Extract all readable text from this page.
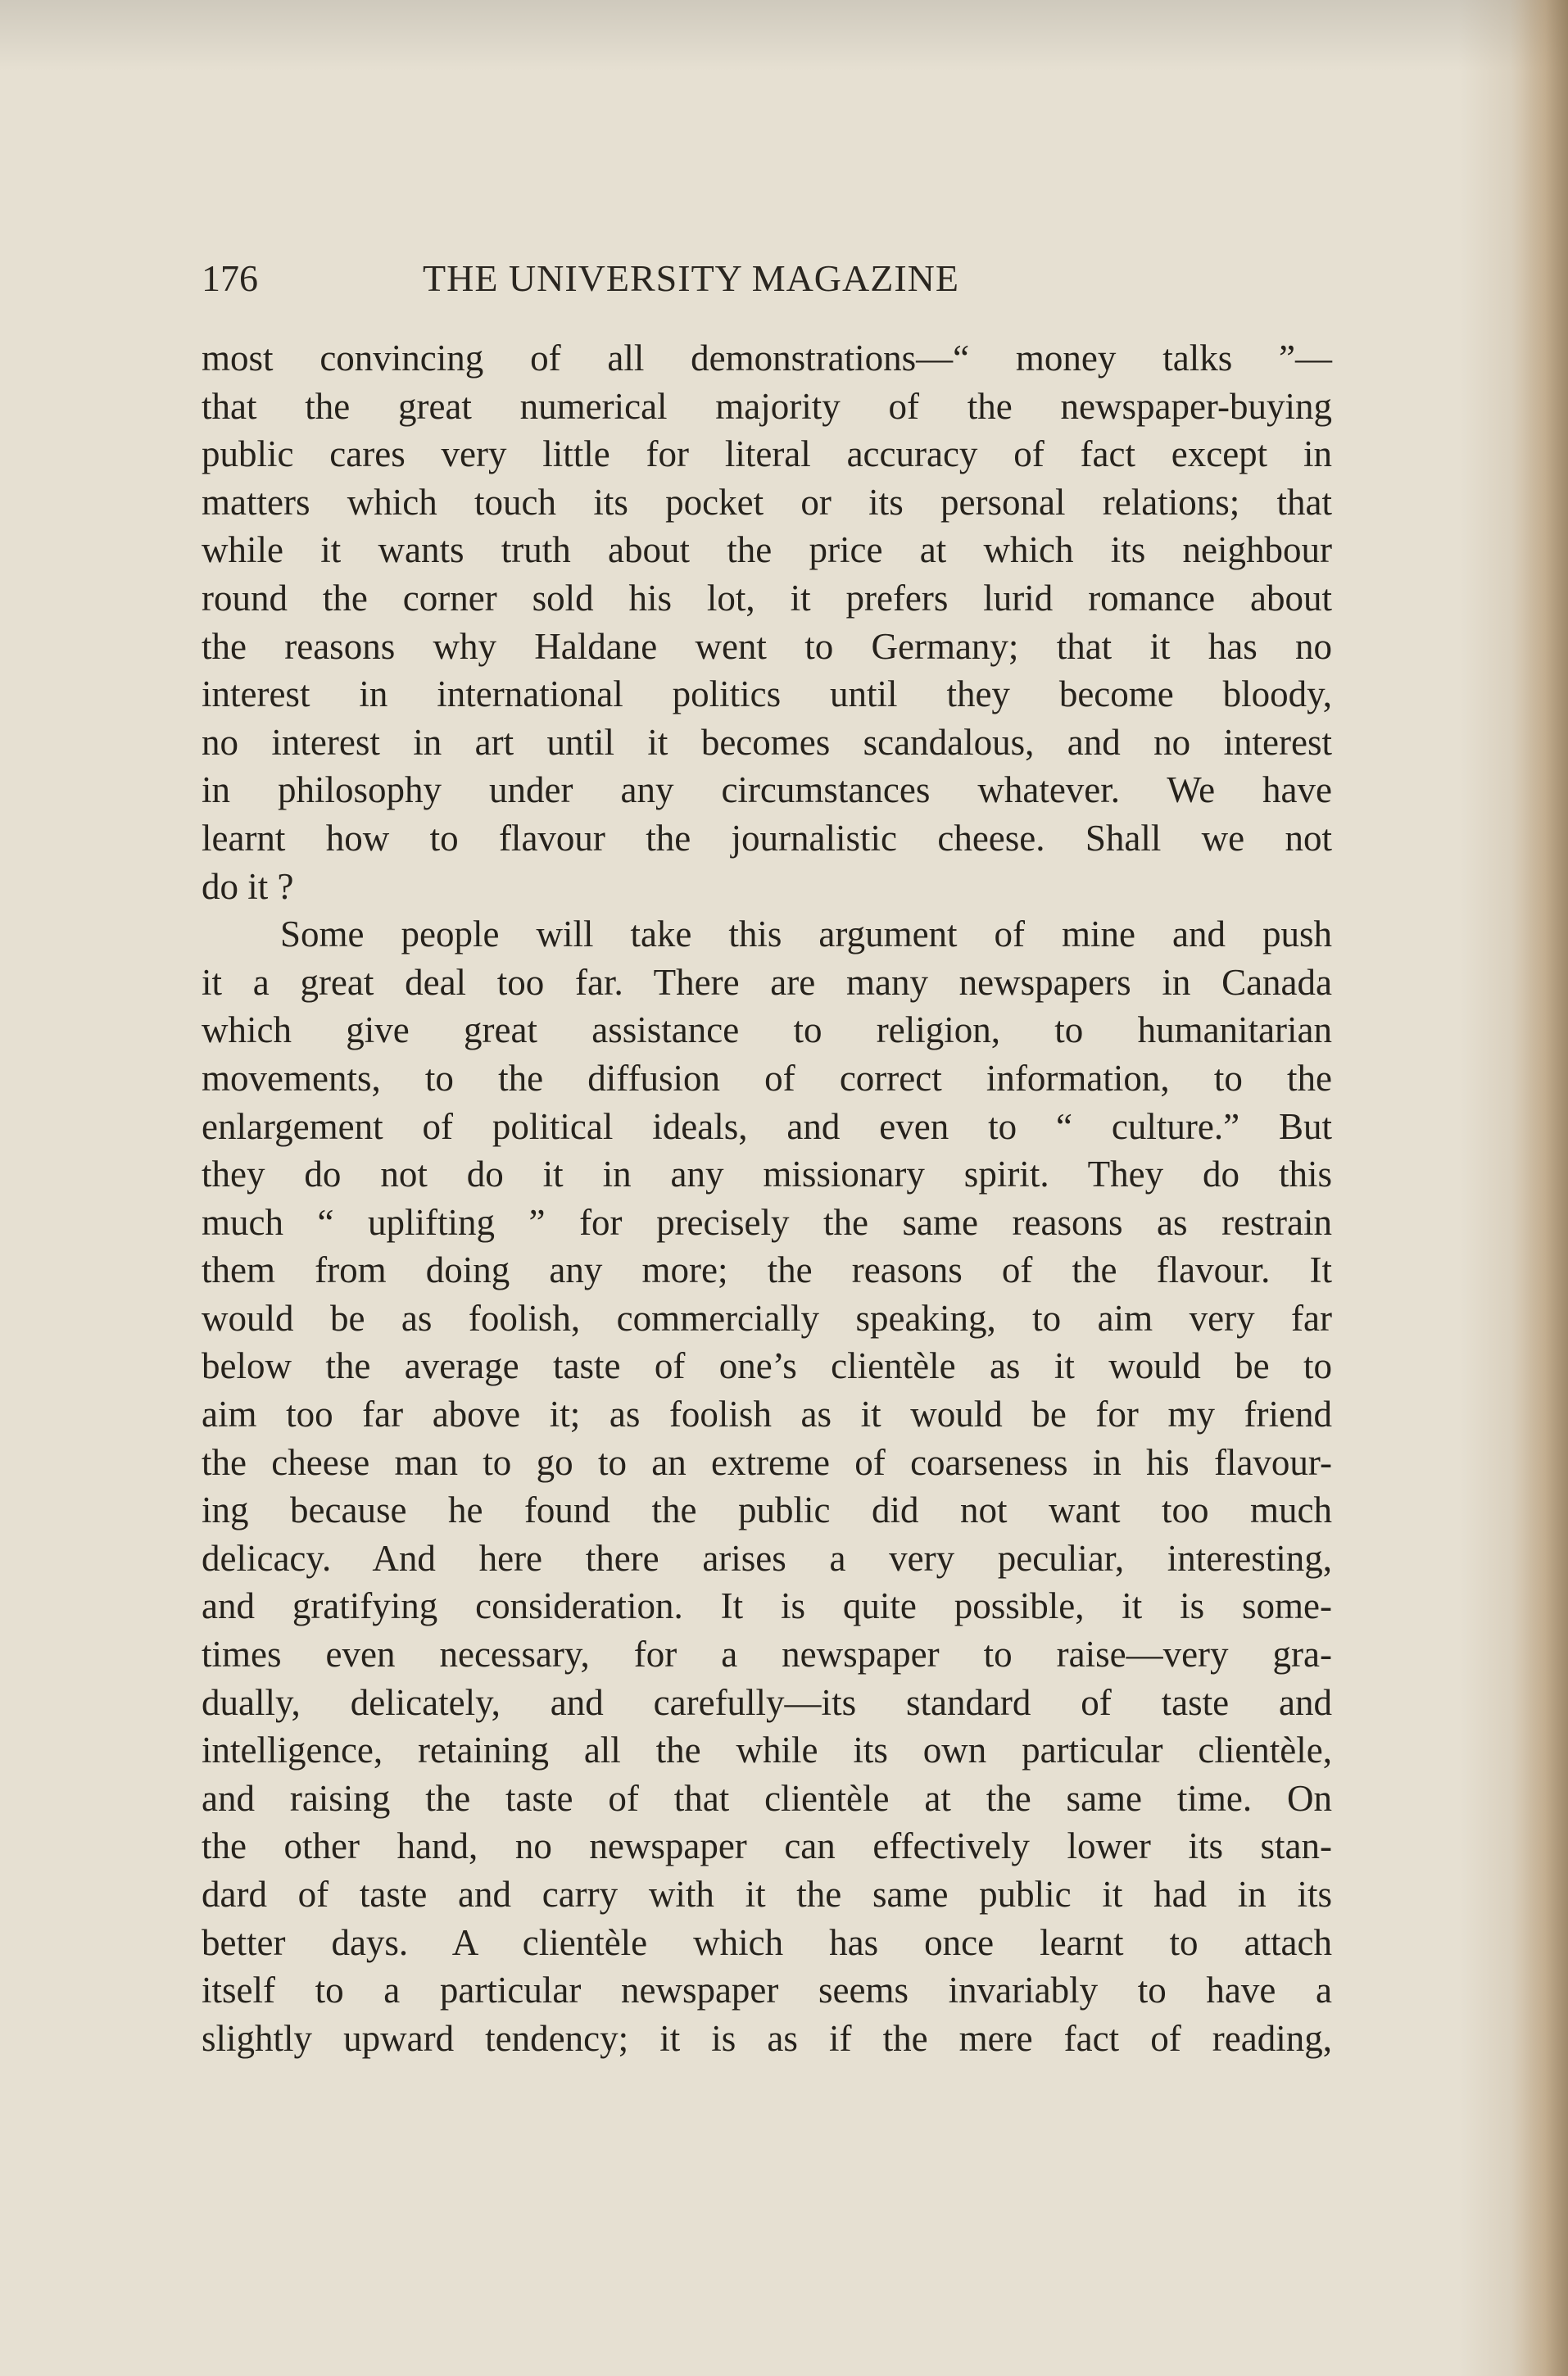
176	THE UNIVERSITY MAGAZINE
most convincing of all demonstrations—“ money talks ”—
that the great numerical majority of the newspaper-buying
public cares very little for literal accuracy of fact except in
matters which touch its pocket or its personal relations; that
while it wants truth about the price at which its neighbour
round the corner sold his lot, it prefers lurid romance about
the reasons why Haldane went to Germany; that it has no
interest in international politics until they become bloody,
no interest in art until it becomes scandalous, and no interest
in philosophy under any circumstances whatever. We have
learnt how to flavour the journalistic cheese. Shall we not
do it ?
Some people will take this argument of mine and push
it a great deal too far. There are many newspapers in Canada
which give great assistance to religion, to humanitarian
movements, to the diffusion of correct information, to the
enlargement of political ideals, and even to “ culture.” But
they do not do it in any missionary spirit. They do this
much “ uplifting ” for precisely the same reasons as restrain
them from doing any more; the reasons of the flavour. It
would be as foolish, commercially speaking, to aim very far
below the average taste of one’s clientèle as it would be to
aim too far above it; as foolish as it would be for my friend
the cheese man to go to an extreme of coarseness in his flavour-
ing because he found the public did not want too much
delicacy. And here there arises a very peculiar, interesting,
and gratifying consideration. It is quite possible, it is some-
times even necessary, for a newspaper to raise—very gra-
dually, delicately, and carefully—its standard of taste and
intelligence, retaining all the while its own particular clientèle,
and raising the taste of that clientèle at the same time. On
the other hand, no newspaper can effectively lower its stan-
dard of taste and carry with it the same public it had in its
better days. A clientèle which has once learnt to attach
itself to a particular newspaper seems invariably to have a
slightly upward tendency; it is as if the mere fact of reading,
